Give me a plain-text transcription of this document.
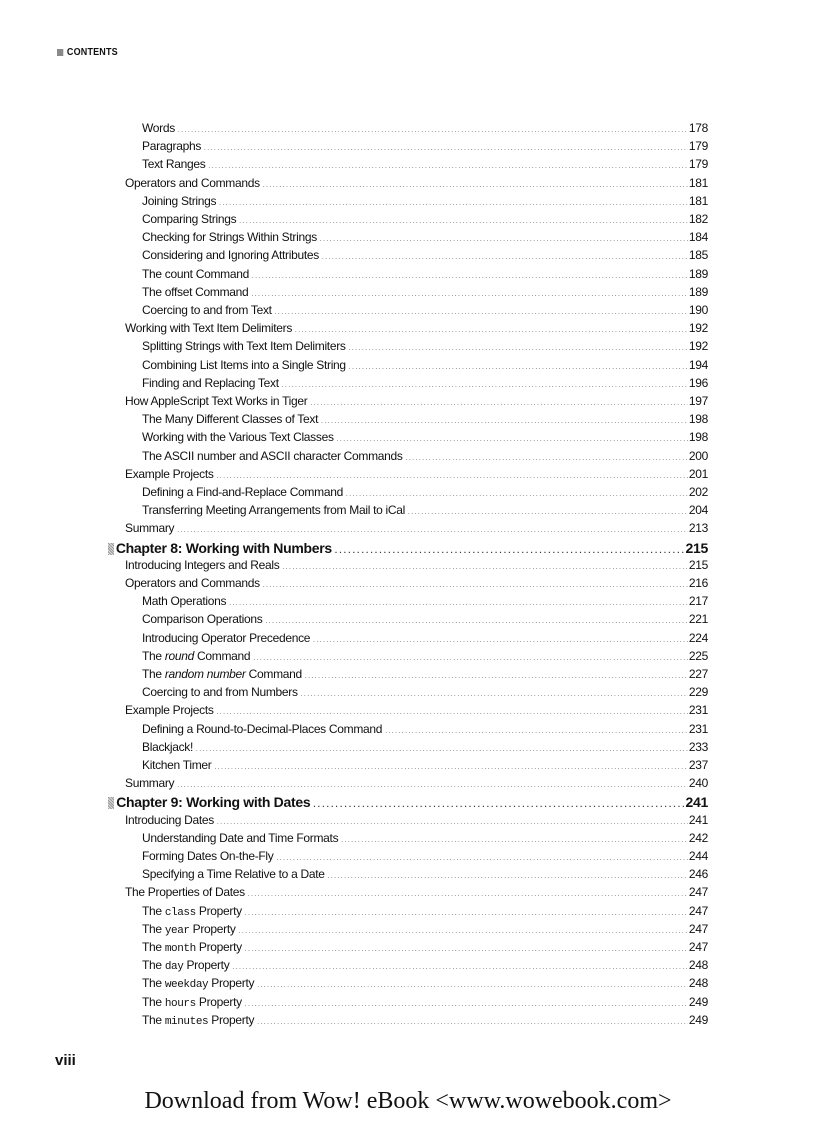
CONTENTS
Words . . .	178
Paragraphs . . .	179
Text Ranges . . .	179
Operators and Commands . . .	181
Joining Strings . . .	181
Comparing Strings . . .	182
Checking for Strings Within Strings . . .	184
Considering and Ignoring Attributes . . .	185
The count Command . . .	189
The offset Command . . .	189
Coercing to and from Text . . .	190
Working with Text Item Delimiters . . .	192
Splitting Strings with Text Item Delimiters . . .	192
Combining List Items into a Single String . . .	194
Finding and Replacing Text . . .	196
How AppleScript Text Works in Tiger . . .	197
The Many Different Classes of Text . . .	198
Working with the Various Text Classes . . .	198
The ASCII number and ASCII character Commands . . .	200
Example Projects . . .	201
Defining a Find-and-Replace Command . . .	202
Transferring Meeting Arrangements from Mail to iCal . . .	204
Summary . . .	213
Chapter 8: Working with Numbers . . .	215
Introducing Integers and Reals . . .	215
Operators and Commands . . .	216
Math Operations . . .	217
Comparison Operations . . .	221
Introducing Operator Precedence . . .	224
The round Command . . .	225
The random number Command . . .	227
Coercing to and from Numbers . . .	229
Example Projects . . .	231
Defining a Round-to-Decimal-Places Command . . .	231
Blackjack! . . .	233
Kitchen Timer . . .	237
Summary . . .	240
Chapter 9: Working with Dates . . .	241
Introducing Dates . . .	241
Understanding Date and Time Formats . . .	242
Forming Dates On-the-Fly . . .	244
Specifying a Time Relative to a Date . . .	246
The Properties of Dates . . .	247
The class Property . . .	247
The year Property . . .	247
The month Property . . .	247
The day Property . . .	248
The weekday Property . . .	248
The hours Property . . .	249
The minutes Property . . .	249
viii
Download from Wow! eBook <www.wowebook.com>
